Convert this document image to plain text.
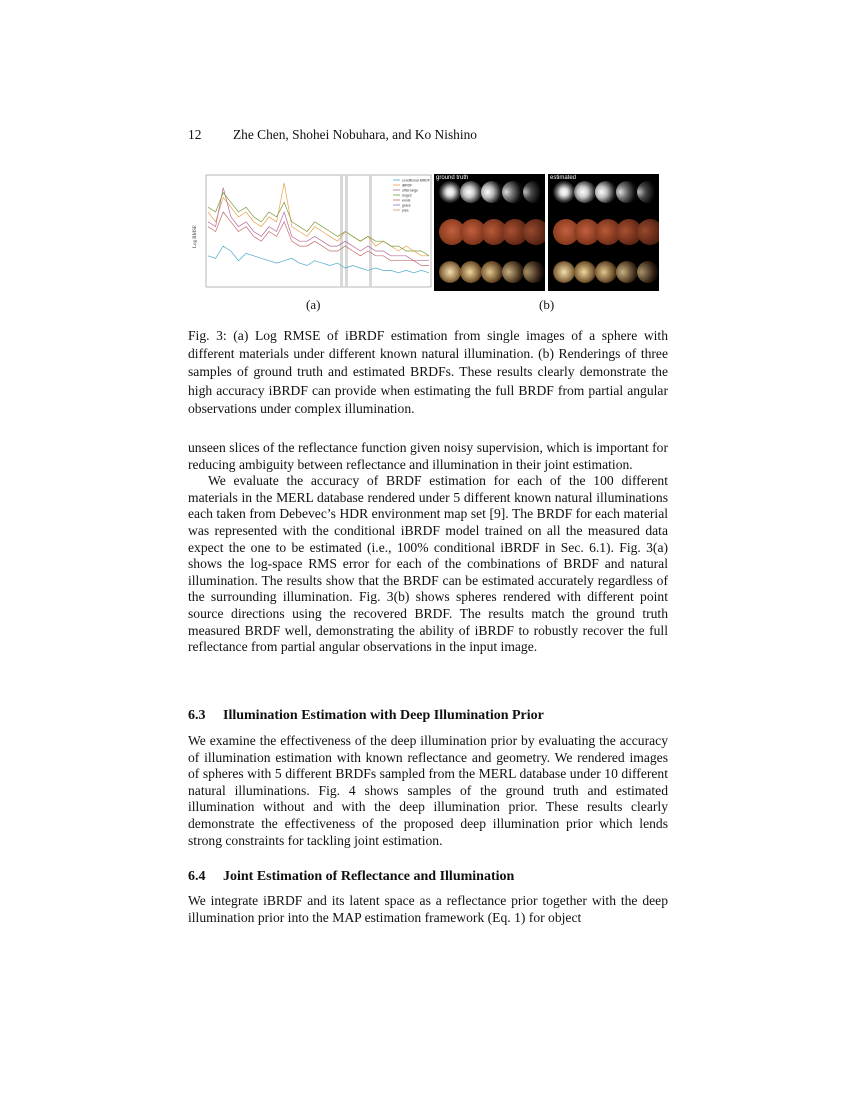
12 Zhe Chen, Shohei Nobuhara, and Ko Nishino
Log RMSE
conditional iBRDF
iBRDF
uffizi-large
doge2
ennis
grace
pisa
ground truth	estimated
(a)	(b)
Fig. 3: (a) Log RMSE of iBRDF estimation from single images of a sphere with different materials under different known natural illumination. (b) Renderings of three samples of ground truth and estimated BRDFs. These results clearly demonstrate the high accuracy iBRDF can provide when estimating the full BRDF from partial angular observations under complex illumination.

unseen slices of the reflectance function given noisy supervision, which is important for reducing ambiguity between reflectance and illumination in their joint estimation.

We evaluate the accuracy of BRDF estimation for each of the 100 different materials in the MERL database rendered under 5 different known natural illuminations each taken from Debevec’s HDR environment map set [9]. The BRDF for each material was represented with the conditional iBRDF model trained on all the measured data expect the one to be estimated (i.e., 100% conditional iBRDF in Sec. 6.1). Fig. 3(a) shows the log-space RMS error for each of the combinations of BRDF and natural illumination. The results show that the BRDF can be estimated accurately regardless of the surrounding illumination. Fig. 3(b) shows spheres rendered with different point source directions using the recovered BRDF. The results match the ground truth measured BRDF well, demonstrating the ability of iBRDF to robustly recover the full reflectance from partial angular observations in the input image.

6.3 Illumination Estimation with Deep Illumination Prior

We examine the effectiveness of the deep illumination prior by evaluating the accuracy of illumination estimation with known reflectance and geometry. We rendered images of spheres with 5 different BRDFs sampled from the MERL database under 10 different natural illuminations. Fig. 4 shows samples of the ground truth and estimated illumination without and with the deep illumination prior. These results clearly demonstrate the effectiveness of the proposed deep illumination prior which lends strong constraints for tackling joint estimation.

6.4 Joint Estimation of Reflectance and Illumination

We integrate iBRDF and its latent space as a reflectance prior together with the deep illumination prior into the MAP estimation framework (Eq. 1) for object
